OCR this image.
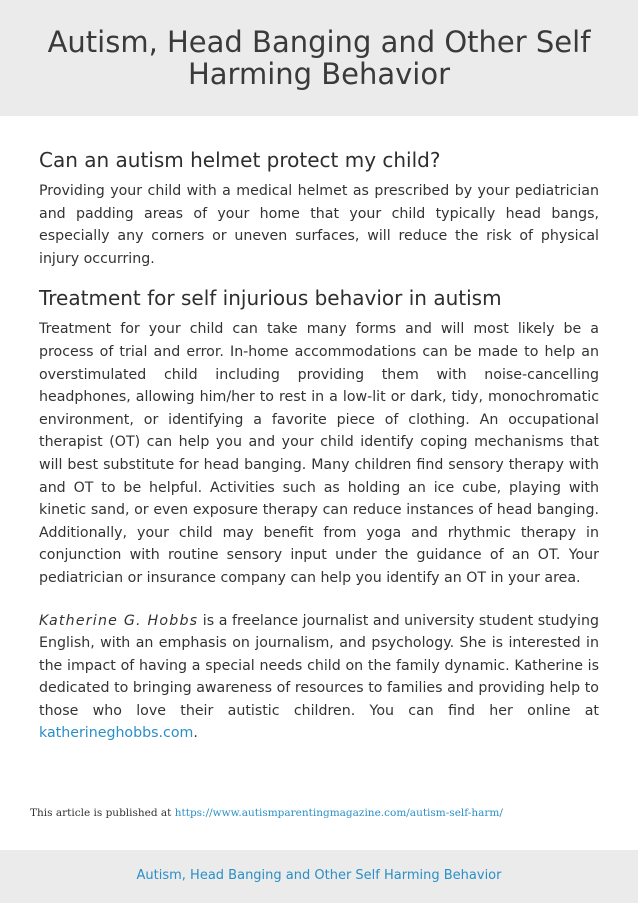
Autism, Head Banging and Other Self Harming Behavior
Can an autism helmet protect my child?

Providing your child with a medical helmet as prescribed by your pediatrician and padding areas of your home that your child typically head bangs, especially any corners or uneven surfaces, will reduce the risk of physical injury occurring.

Treatment for self injurious behavior in autism

Treatment for your child can take many forms and will most likely be a process of trial and error. In-home accommodations can be made to help an overstimulated child including providing them with noise-cancelling headphones, allowing him/her to rest in a low-lit or dark, tidy, monochromatic environment, or identifying a favorite piece of clothing. An occupational therapist (OT) can help you and your child identify coping mechanisms that will best substitute for head banging. Many children find sensory therapy with and OT to be helpful. Activities such as holding an ice cube, playing with kinetic sand, or even exposure therapy can reduce instances of head banging. Additionally, your child may benefit from yoga and rhythmic therapy in conjunction with routine sensory input under the guidance of an OT. Your pediatrician or insurance company can help you identify an OT in your area.

Katherine G. Hobbs is a freelance journalist and university student studying English, with an emphasis on journalism, and psychology. She is interested in the impact of having a special needs child on the family dynamic. Katherine is dedicated to bringing awareness of resources to families and providing help to those who love their autistic children. You can find her online at katherineghobbs.com.

This article is published at https://www.autismparentingmagazine.com/autism-self-harm/
Autism, Head Banging and Other Self Harming Behavior
